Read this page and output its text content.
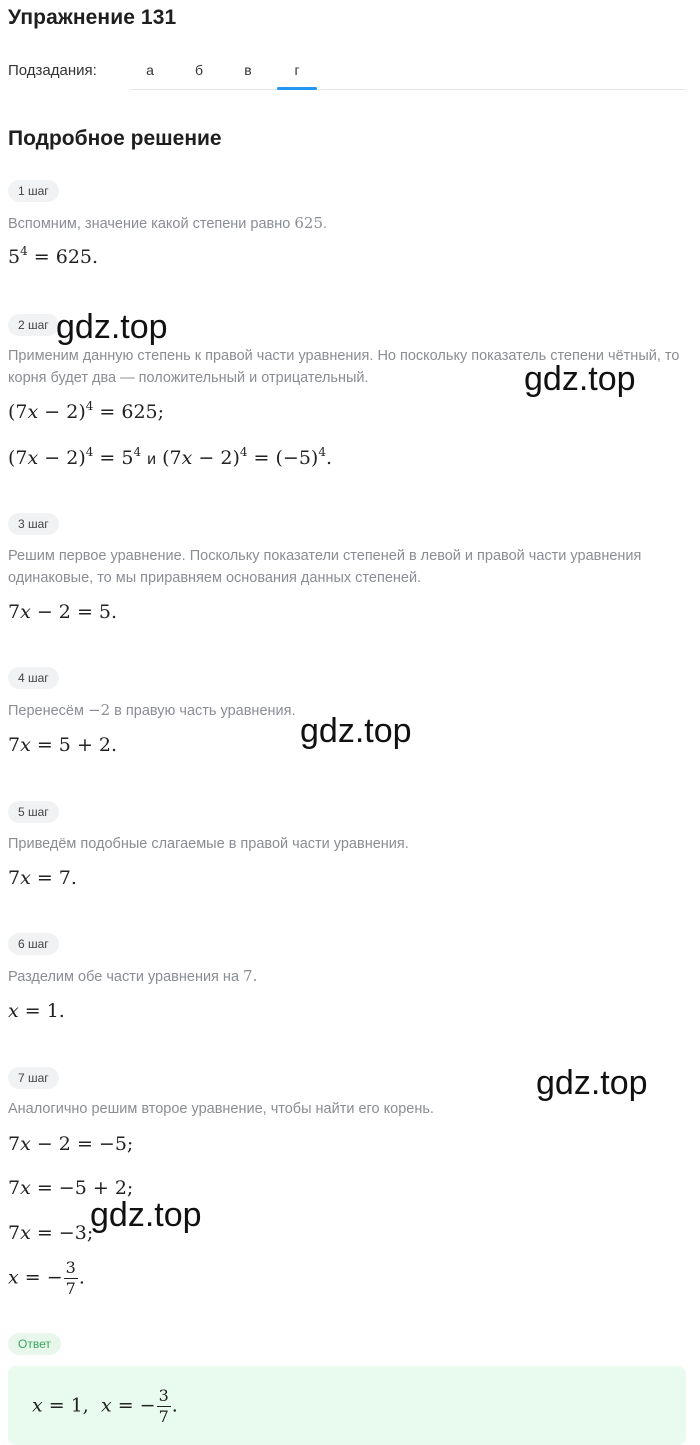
Упражнение 131
Подзадания:	а	б	в	г
Подробное решение
1 шаг
Вспомним, значение какой степени равно 625.
$5^4 = 625$.
2 шаг
Применим данную степень к правой части уравнения. Но поскольку показатель степени чётный, то корня будет два — положительный и отрицательный.
$(7x - 2)^4 = 625$;
$(7x - 2)^4 = 5^4$ и $(7x - 2)^4 = (-5)^4$.
3 шаг
Решим первое уравнение. Поскольку показатели степеней в левой и правой части уравнения одинаковые, то мы приравняем основания данных степеней.
7x − 2 = 5.
4 шаг
Перенесём −2 в правую часть уравнения.
7x = 5 + 2.
5 шаг
Приведём подобные слагаемые в правой части уравнения.
7x = 7.
6 шаг
Разделим обе части уравнения на 7.
x = 1.
7 шаг
Аналогично решим второе уравнение, чтобы найти его корень.
7x − 2 = −5;
7x = −5 + 2;
7x = −3;
x = − $\frac{3}{7}$ .
Ответ
x = 1,  x = − $\frac{3}{7}$ .
gdz.top
gdz.top
gdz.top
gdz.top
gdz.top
